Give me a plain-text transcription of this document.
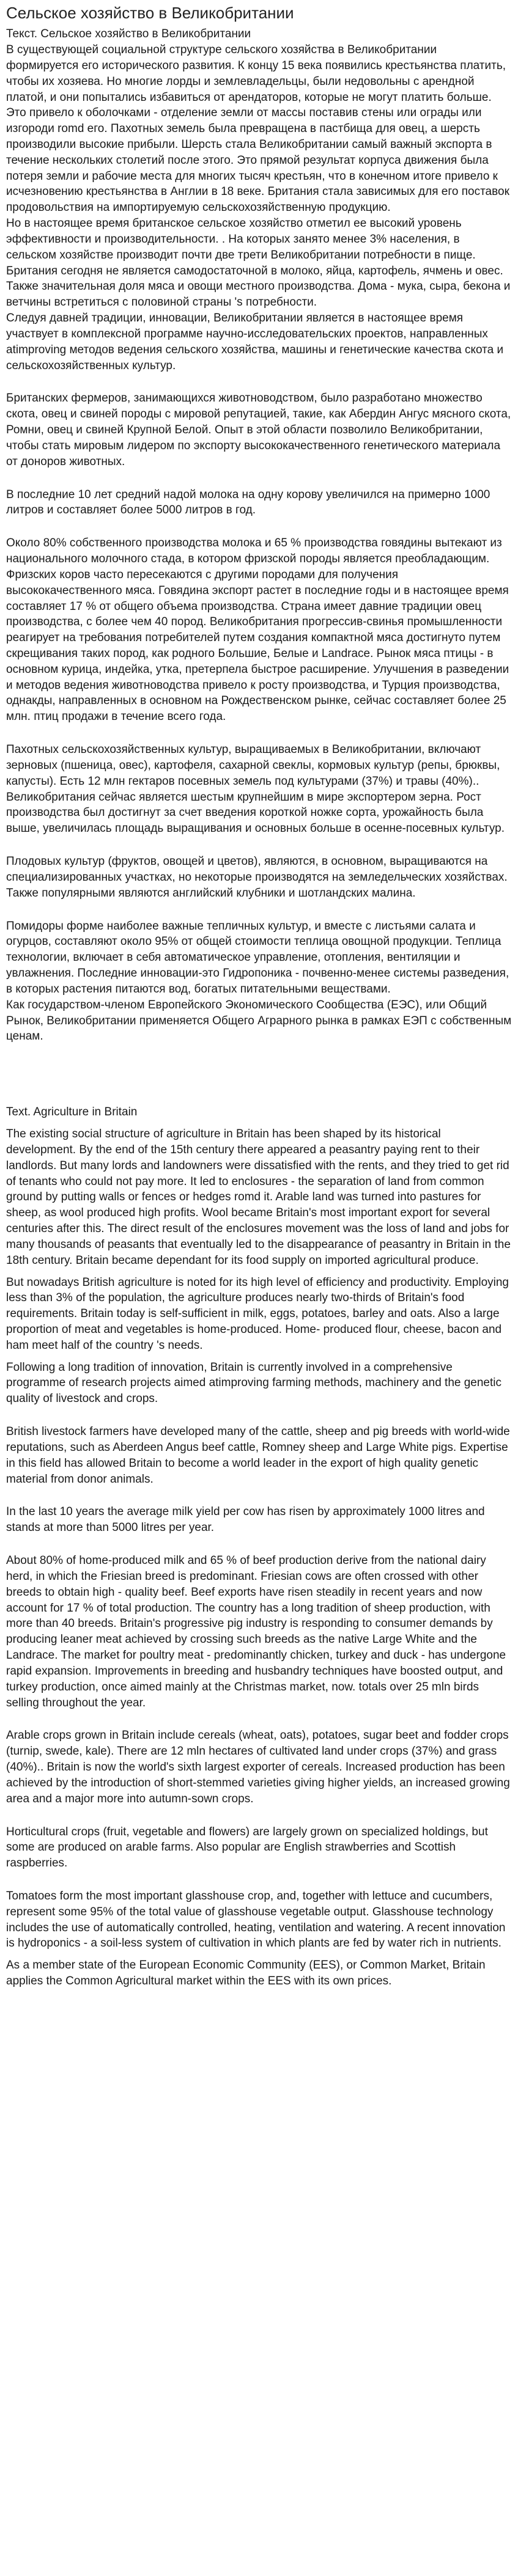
Сельское хозяйство в Великобритании

Текст. Сельское хозяйство в Великобритании

В существующей социальной структуре сельского хозяйства в Великобритании формируется его исторического развития. К концу 15 века появились крестьянства платить, чтобы их хозяева. Но многие лорды и землевладельцы, были недовольны с арендной платой, и они попытались избавиться от арендаторов, которые не могут платить больше. Это привело к оболочками - отделение земли от массы поставив стены или ограды или изгороди romd его. Пахотных земель была превращена в пастбища для овец, а шерсть производили высокие прибыли. Шерсть стала Великобритании самый важный экспорта в течение нескольких столетий после этого. Это прямой результат корпуса движения была потеря земли и рабочие места для многих тысяч крестьян, что в конечном итоге привело к исчезновению крестьянства в Англии в 18 веке. Британия стала зависимых для его поставок продовольствия на импортируемую сельскохозяйственную продукцию.

Но в настоящее время британское сельское хозяйство отметил ее высокий уровень эффективности и производительности. . На которых занято менее 3% населения, в сельском хозяйстве производит почти две трети Великобритании потребности в пище. Британия сегодня не является самодостаточной в молоко, яйца, картофель, ячмень и овес. Также значительная доля мяса и овощи местного производства. Дома - мука, сыра, бекона и ветчины встретиться с половиной страны 's потребности.

Следуя давней традиции, инновации, Великобритании является в настоящее время участвует в комплексной программе научно-исследовательских проектов, направленных atimproving методов ведения сельского хозяйства, машины и генетические качества скота и сельскохозяйственных культур.

Британских фермеров, занимающихся животноводством, было разработано множество скота, овец и свиней породы с мировой репутацией, такие, как Абердин Ангус мясного скота, Ромни, овец и свиней Крупной Белой. Опыт в этой области позволило Великобритании, чтобы стать мировым лидером по экспорту высококачественного генетического материала от доноров животных.

В последние 10 лет средний надой молока на одну корову увеличился на примерно 1000 литров и составляет более 5000 литров в год.

Около 80% собственного производства молока и 65 % производства говядины вытекают из национального молочного стада, в котором фризской породы является преобладающим. Фризских коров часто пересекаются с другими породами для получения высококачественного мяса. Говядина экспорт растет в последние годы и в настоящее время составляет 17 % от общего объема производства. Страна имеет давние традиции овец производства, с более чем 40 пород. Великобритания прогрессив-свинья промышленности реагирует на требования потребителей путем создания компактной мяса достигнуто путем скрещивания таких пород, как родного Большие, Белые и Landrace. Рынок мяса птицы - в основном курица, индейка, утка, претерпела быстрое расширение. Улучшения в разведении и методов ведения животноводства привело к росту производства, и Турция производства, однакды, направленных в основном на Рождественском рынке, сейчас составляет более 25 млн. птиц продажи в течение всего года.

Пахотных сельскохозяйственных культур, выращиваемых в Великобритании, включают зерновых (пшеница, овес), картофеля, сахарной свеклы, кормовых культур (репы, брюквы, капусты). Есть 12 млн гектаров посевных земель под культурами (37%) и травы (40%).. Великобритания сейчас является шестым крупнейшим в мире экспортером зерна. Рост производства был достигнут за счет введения короткой ножке сорта, урожайность была выше, увеличилась площадь выращивания и основных больше в осенне-посевных культур.

Плодовых культур (фруктов, овощей и цветов), являются, в основном, выращиваются на специализированных участках, но некоторые производятся на земледельческих хозяйствах. Также популярными являются английский клубники и шотландских малина.

Помидоры форме наиболее важные тепличных культур, и вместе с листьями салата и огурцов, составляют около 95% от общей стоимости теплица овощной продукции. Теплица технологии, включает в себя автоматическое управление, отопления, вентиляции и увлажнения. Последние инновации-это Гидропоника - почвенно-менее системы разведения, в которых растения питаются вод, богатых питательными веществами.

Как государством-членом Европейского Экономического Сообщества (ЕЭС), или Общий Рынок, Великобритании применяется Общего Аграрного рынка в рамках ЕЭП с собственным ценам.

Text. Agriculture in Britain

The existing social structure of agriculture in Britain has been shaped by its historical development. By the end of the 15th century there appeared a peasantry paying rent to their landlords. But many lords and landowners were dissatisfied with the rents, and they tried to get rid of tenants who could not pay more. It led to enclosures - the separation of land from common ground by putting walls or fences or hedges romd it. Arable land was turned into pastures for sheep, as wool produced high profits. Wool became Britain's most important export for several centuries after this. The direct result of the enclosures movement was the loss of land and jobs for many thousands of peasants that eventually led to the disappearance of peasantry in Britain in the 18th century. Britain became dependant for its food supply on imported agricultural produce.

But nowadays British agriculture is noted for its high level of efficiency and productivity. Employing less than 3% of the population, the agriculture produces nearly two-thirds of Britain's food requirements. Britain today is self-sufficient in milk, eggs, potatoes, barley and oats. Also a large proportion of meat and vegetables is home-produced. Home- produced flour, cheese, bacon and ham meet half of the country 's needs.

Following a long tradition of innovation, Britain is currently involved in a comprehensive programme of research projects aimed atimproving farming methods, machinery and the genetic quality of livestock and crops.

British livestock farmers have developed many of the cattle, sheep and pig breeds with world-wide reputations, such as Aberdeen Angus beef cattle, Romney sheep and Large White pigs. Expertise in this field has allowed Britain to become a world leader in the export of high quality genetic material from donor animals.

In the last 10 years the average milk yield per cow has risen by approximately 1000 litres and stands at more than 5000 litres per year.

About 80% of home-produced milk and 65 % of beef production derive from the national dairy herd, in which the Friesian breed is predominant. Friesian cows are often crossed with other breeds to obtain high - quality beef. Beef exports have risen steadily in recent years and now account for 17 % of total production. The country has a long tradition of sheep production, with more than 40 breeds. Britain's progressive pig industry is responding to consumer demands by producing leaner meat achieved by crossing such breeds as the native Large White and the Landrace. The market for poultry meat - predominantly chicken, turkey and duck - has undergone rapid expansion. Improvements in breeding and husbandry techniques have boosted output, and turkey production, once aimed mainly at the Christmas market, now. totals over 25 mln birds selling throughout the year.

Arable crops grown in Britain include cereals (wheat, oats), potatoes, sugar beet and fodder crops (turnip, swede, kale). There are 12 mln hectares of cultivated land under crops (37%) and grass (40%).. Britain is now the world's sixth largest exporter of cereals. Increased production has been achieved by the introduction of short-stemmed varieties giving higher yields, an increased growing area and a major more into autumn-sown crops.

Horticultural crops (fruit, vegetable and flowers) are largely grown on specialized holdings, but some are produced on arable farms. Also popular are English strawberries and Scottish raspberries.

Tomatoes form the most important glasshouse crop, and, together with lettuce and cucumbers, represent some 95% of the total value of glasshouse vegetable output. Glasshouse technology includes the use of automatically controlled, heating, ventilation and watering. A recent innovation is hydroponics - a soil-less system of cultivation in which plants are fed by water rich in nutrients.

As a member state of the European Economic Community (EES), or Common Market, Britain applies the Common Agricultural market within the EES with its own prices.
